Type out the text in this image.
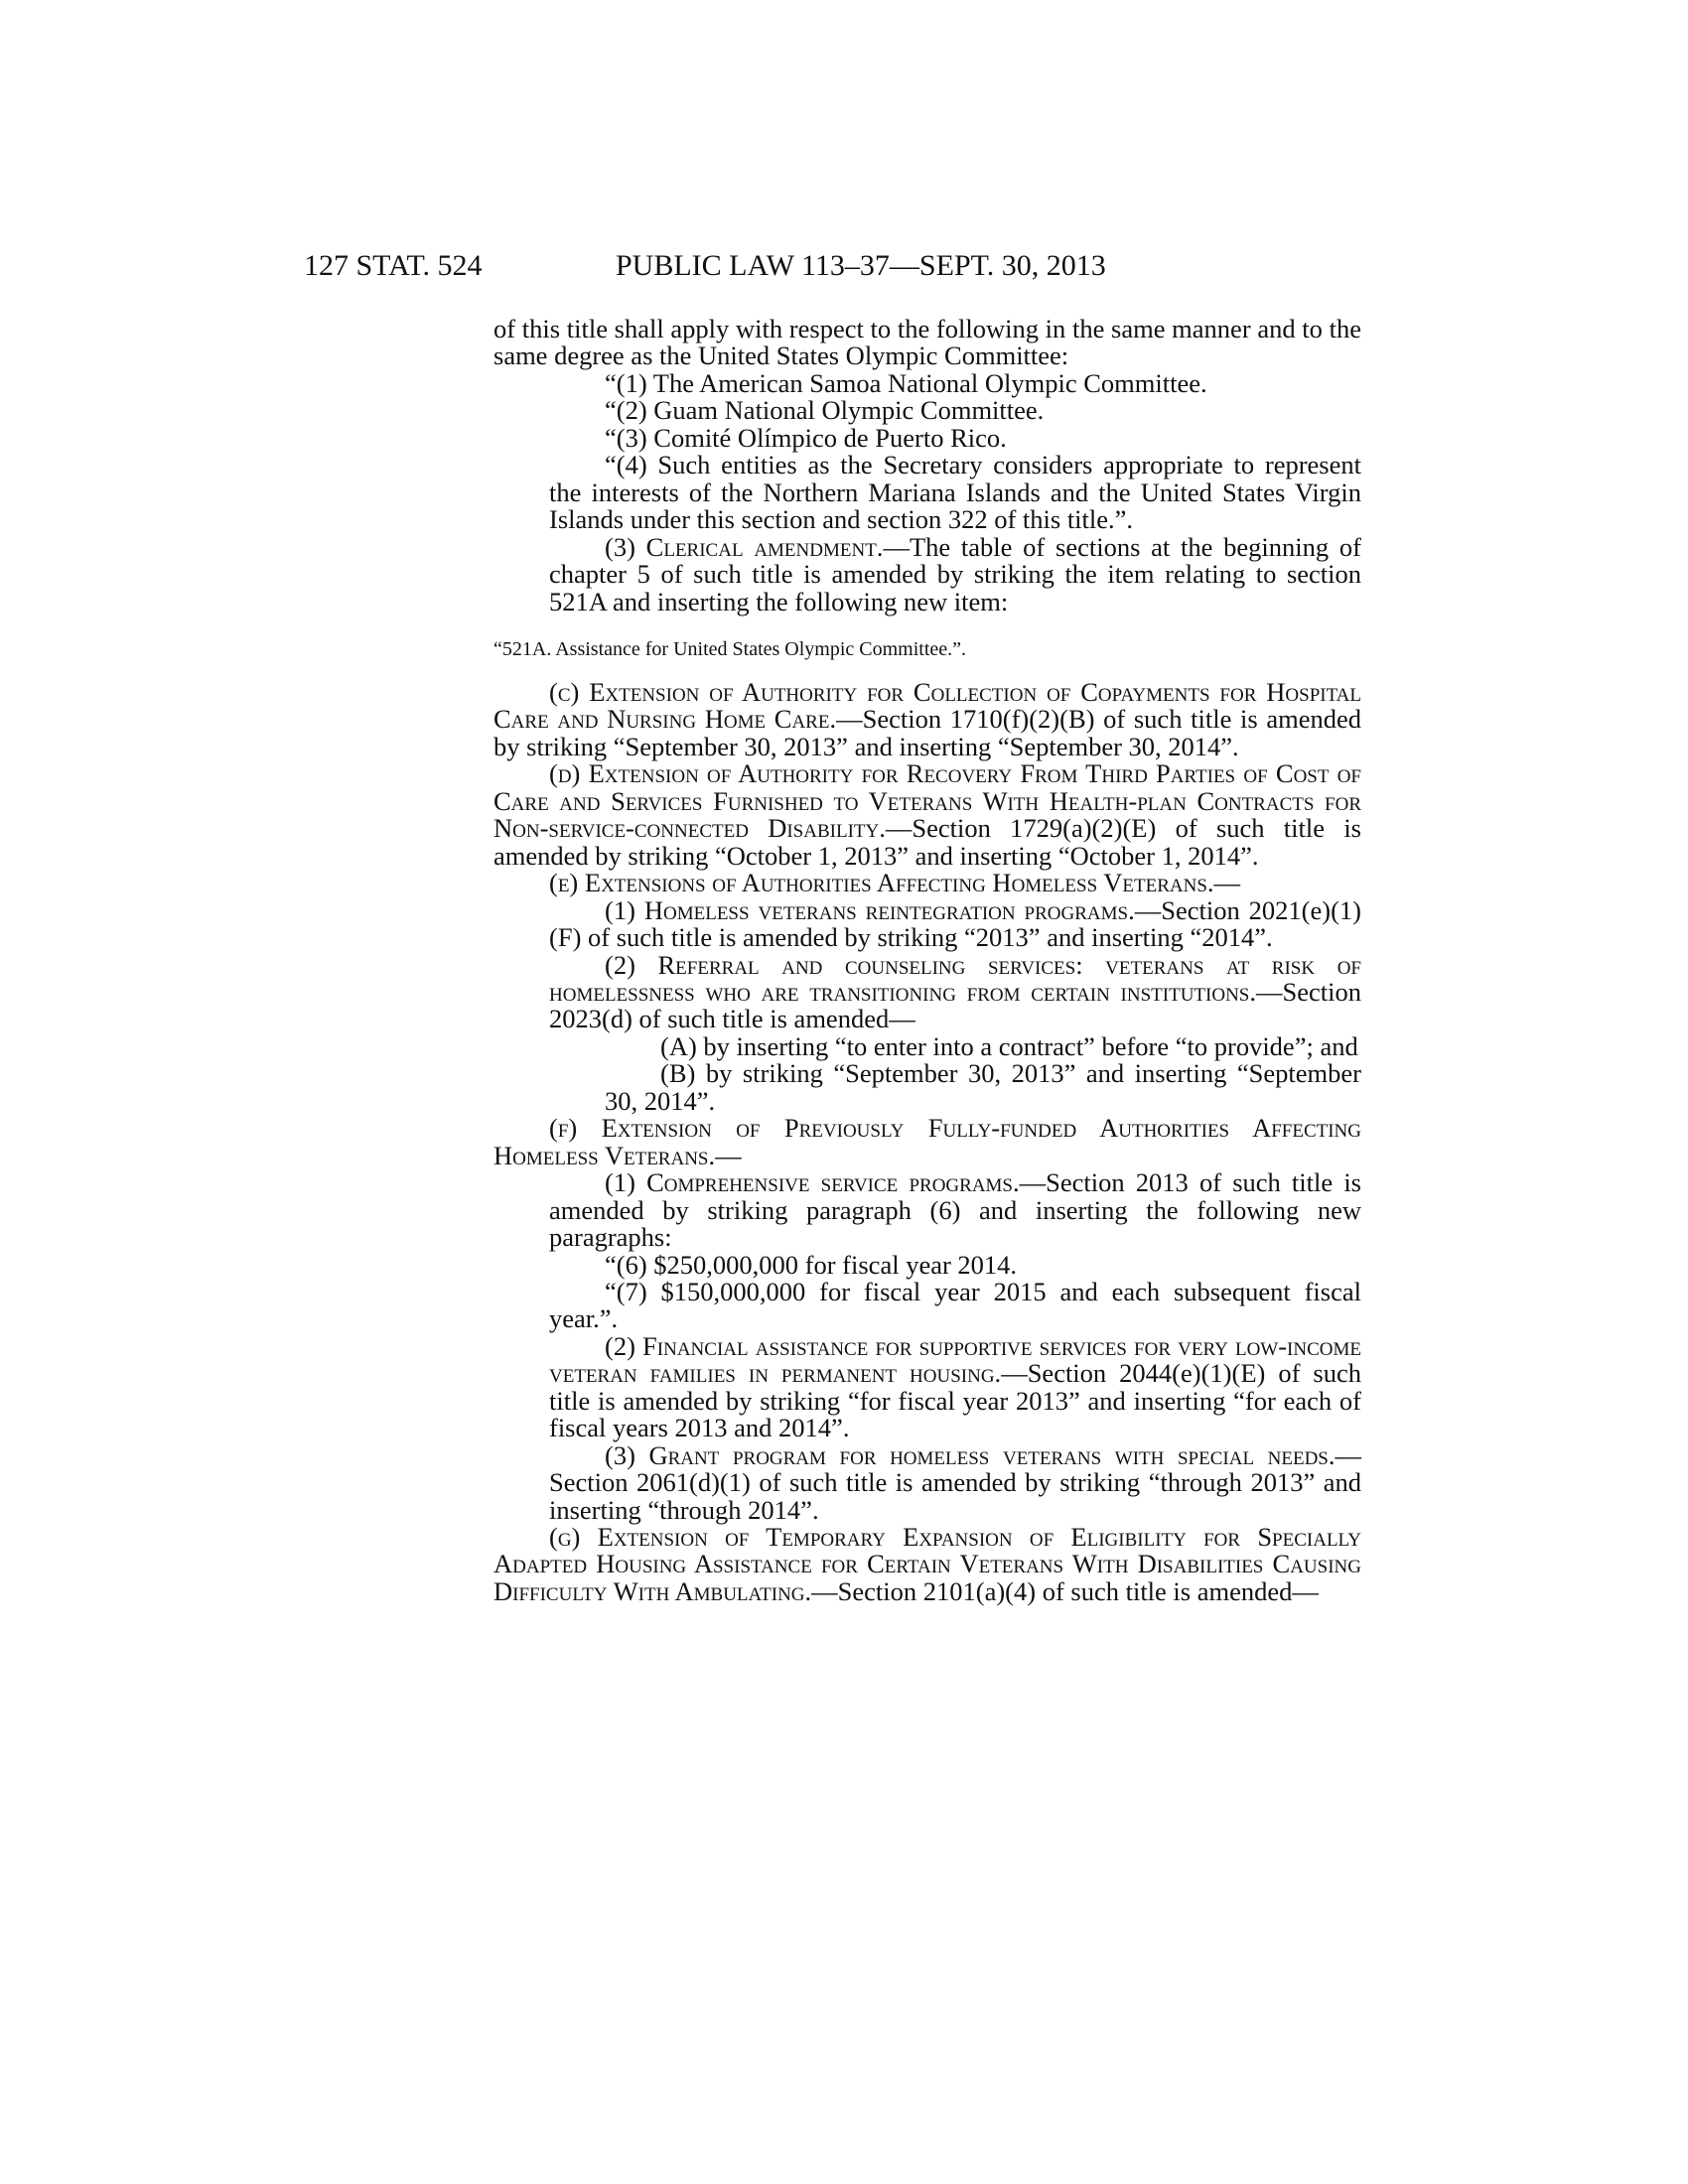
127 STAT. 524	PUBLIC LAW 113–37—SEPT. 30, 2013

of this title shall apply with respect to the following in the same manner and to the same degree as the United States Olympic Committee:

“(1) The American Samoa National Olympic Committee.

“(2) Guam National Olympic Committee.

“(3) Comité Olímpico de Puerto Rico.

“(4) Such entities as the Secretary considers appropriate to represent the interests of the Northern Mariana Islands and the United States Virgin Islands under this section and section 322 of this title.”.

(3) Clerical amendment.—The table of sections at the beginning of chapter 5 of such title is amended by striking the item relating to section 521A and inserting the following new item:

“521A. Assistance for United States Olympic Committee.”.

(c) Extension of Authority for Collection of Copayments for Hospital Care and Nursing Home Care.—Section 1710(f)(2)(B) of such title is amended by striking “September 30, 2013” and inserting “September 30, 2014”.

(d) Extension of Authority for Recovery From Third Parties of Cost of Care and Services Furnished to Veterans With Health-plan Contracts for Non-service-connected Disability.—Section 1729(a)(2)(E) of such title is amended by striking “October 1, 2013” and inserting “October 1, 2014”.

(e) Extensions of Authorities Affecting Homeless Veterans.—

(1) Homeless veterans reintegration programs.—Section 2021(e)(1)(F) of such title is amended by striking “2013” and inserting “2014”.

(2) Referral and counseling services: veterans at risk of homelessness who are transitioning from certain institutions.—Section 2023(d) of such title is amended—

(A) by inserting “to enter into a contract” before “to provide”; and

(B) by striking “September 30, 2013” and inserting “September 30, 2014”.

(f) Extension of Previously Fully-funded Authorities Affecting Homeless Veterans.—

(1) Comprehensive service programs.—Section 2013 of such title is amended by striking paragraph (6) and inserting the following new paragraphs:

“(6) $250,000,000 for fiscal year 2014.

“(7) $150,000,000 for fiscal year 2015 and each subsequent fiscal year.”.

(2) Financial assistance for supportive services for very low-income veteran families in permanent housing.—Section 2044(e)(1)(E) of such title is amended by striking “for fiscal year 2013” and inserting “for each of fiscal years 2013 and 2014”.

(3) Grant program for homeless veterans with special needs.—Section 2061(d)(1) of such title is amended by striking “through 2013” and inserting “through 2014”.

(g) Extension of Temporary Expansion of Eligibility for Specially Adapted Housing Assistance for Certain Veterans With Disabilities Causing Difficulty With Ambulating.—Section 2101(a)(4) of such title is amended—
